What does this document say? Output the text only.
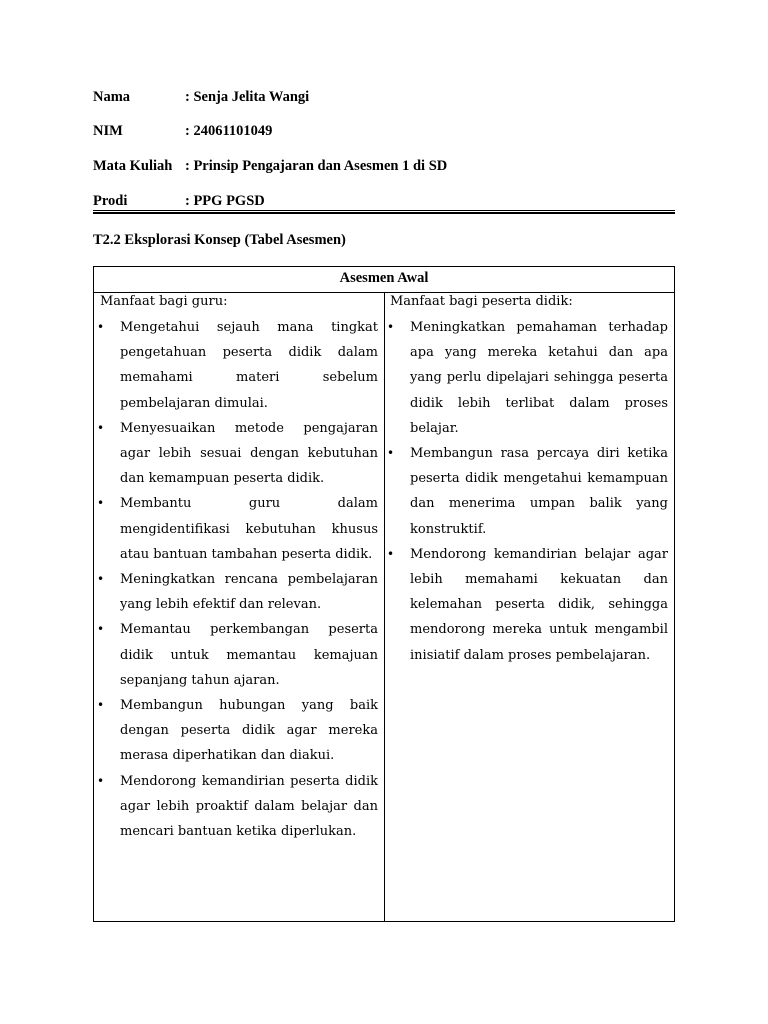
Nama	: Senja Jelita Wangi
NIM	: 24061101049
Mata Kuliah : Prinsip Pengajaran dan Asesmen 1 di SD
Prodi	: PPG PGSD
T2.2 Eksplorasi Konsep (Tabel Asesmen)
Asesmen Awal
Manfaat bagi guru:
• Mengetahui sejauh mana tingkat pengetahuan peserta didik dalam memahami materi sebelum pembelajaran dimulai.
• Menyesuaikan metode pengajaran agar lebih sesuai dengan kebutuhan dan kemampuan peserta didik.
• Membantu guru dalam mengidentifikasi kebutuhan khusus atau bantuan tambahan peserta didik.
• Meningkatkan rencana pembelajaran yang lebih efektif dan relevan.
• Memantau perkembangan peserta didik untuk memantau kemajuan sepanjang tahun ajaran.
• Membangun hubungan yang baik dengan peserta didik agar mereka merasa diperhatikan dan diakui.
• Mendorong kemandirian peserta didik agar lebih proaktif dalam belajar dan mencari bantuan ketika diperlukan.
Manfaat bagi peserta didik:
• Meningkatkan pemahaman terhadap apa yang mereka ketahui dan apa yang perlu dipelajari sehingga peserta didik lebih terlibat dalam proses belajar.
• Membangun rasa percaya diri ketika peserta didik mengetahui kemampuan dan menerima umpan balik yang konstruktif.
• Mendorong kemandirian belajar agar lebih memahami kekuatan dan kelemahan peserta didik, sehingga mendorong mereka untuk mengambil inisiatif dalam proses pembelajaran.
